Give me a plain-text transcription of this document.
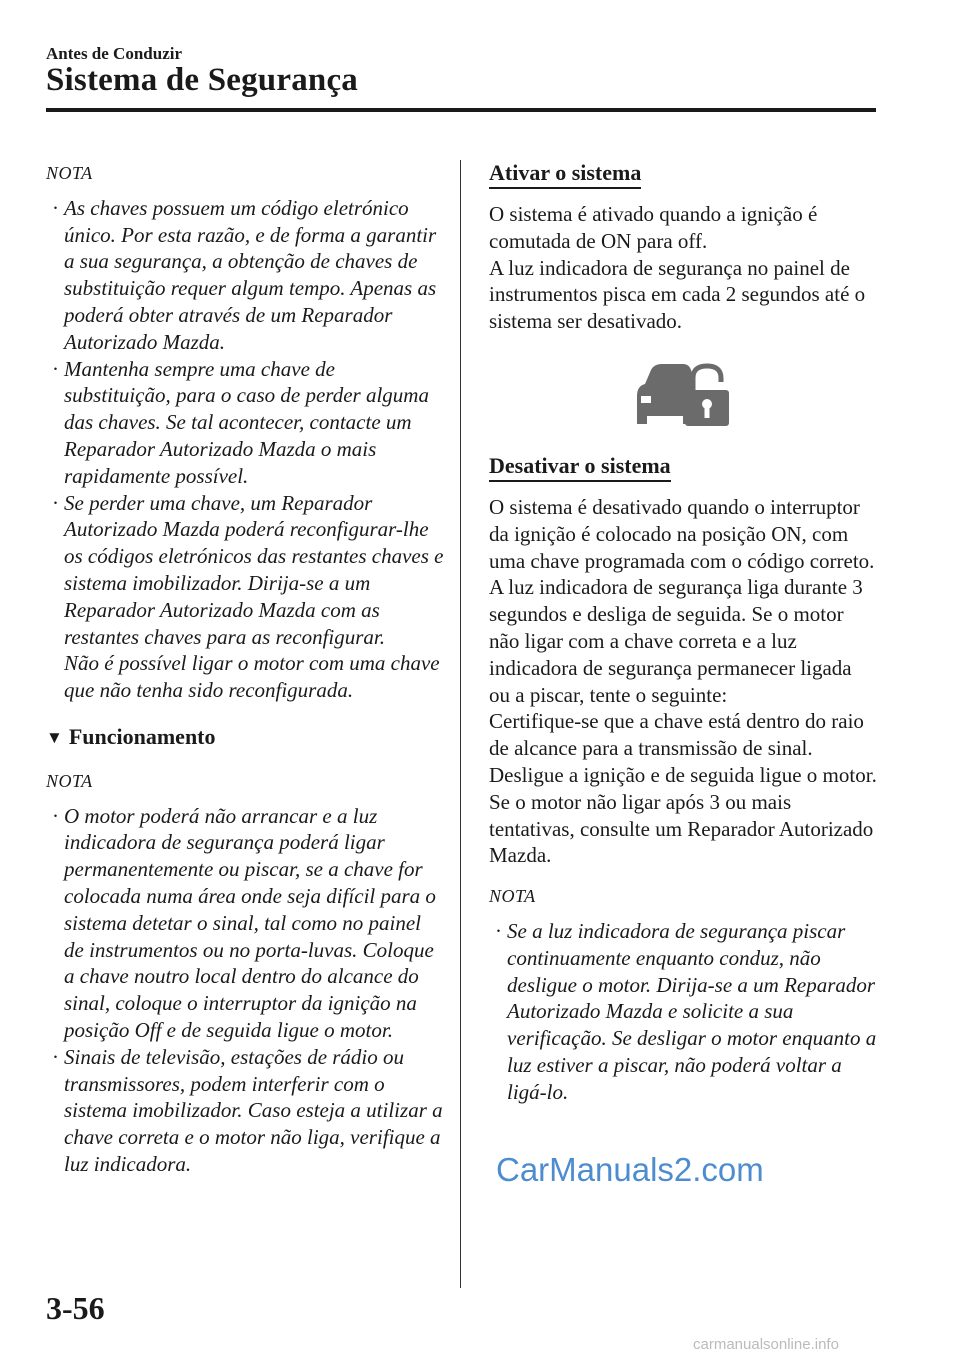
Antes de Conduzir
Sistema de Segurança
NOTA
· As chaves possuem um código eletrónico único. Por esta razão, e de forma a garantir a sua segurança, a obtenção de chaves de substituição requer algum tempo. Apenas as poderá obter através de um Reparador Autorizado Mazda.
· Mantenha sempre uma chave de substituição, para o caso de perder alguma das chaves. Se tal acontecer, contacte um Reparador Autorizado Mazda o mais rapidamente possível.
· Se perder uma chave, um Reparador Autorizado Mazda poderá reconfigurar-lhe os códigos eletrónicos das restantes chaves e sistema imobilizador. Dirija-se a um Reparador Autorizado Mazda com as restantes chaves para as reconfigurar.
Não é possível ligar o motor com uma chave que não tenha sido reconfigurada.
▼ Funcionamento
NOTA
· O motor poderá não arrancar e a luz indicadora de segurança poderá ligar permanentemente ou piscar, se a chave for colocada numa área onde seja difícil para o sistema detetar o sinal, tal como no painel de instrumentos ou no porta-luvas. Coloque a chave noutro local dentro do alcance do sinal, coloque o interruptor da ignição na posição Off e de seguida ligue o motor.
· Sinais de televisão, estações de rádio ou transmissores, podem interferir com o sistema imobilizador. Caso esteja a utilizar a chave correta e o motor não liga, verifique a luz indicadora.
Ativar o sistema

O sistema é ativado quando a ignição é comutada de ON para off.

A luz indicadora de segurança no painel de instrumentos pisca em cada 2 segundos até o sistema ser desativado.

Desativar o sistema

O sistema é desativado quando o interruptor da ignição é colocado na posição ON, com uma chave programada com o código correto. A luz indicadora de segurança liga durante 3 segundos e desliga de seguida. Se o motor não ligar com a chave correta e a luz indicadora de segurança permanecer ligada ou a piscar, tente o seguinte:

Certifique-se que a chave está dentro do raio de alcance para a transmissão de sinal. Desligue a ignição e de seguida ligue o motor. Se o motor não ligar após 3 ou mais tentativas, consulte um Reparador Autorizado Mazda.

NOTA
· Se a luz indicadora de segurança piscar continuamente enquanto conduz, não desligue o motor. Dirija-se a um Reparador Autorizado Mazda e solicite a sua verificação. Se desligar o motor enquanto a luz estiver a piscar, não poderá voltar a ligá-lo.
3-56
CarManuals2.com
carmanualsonline.info
